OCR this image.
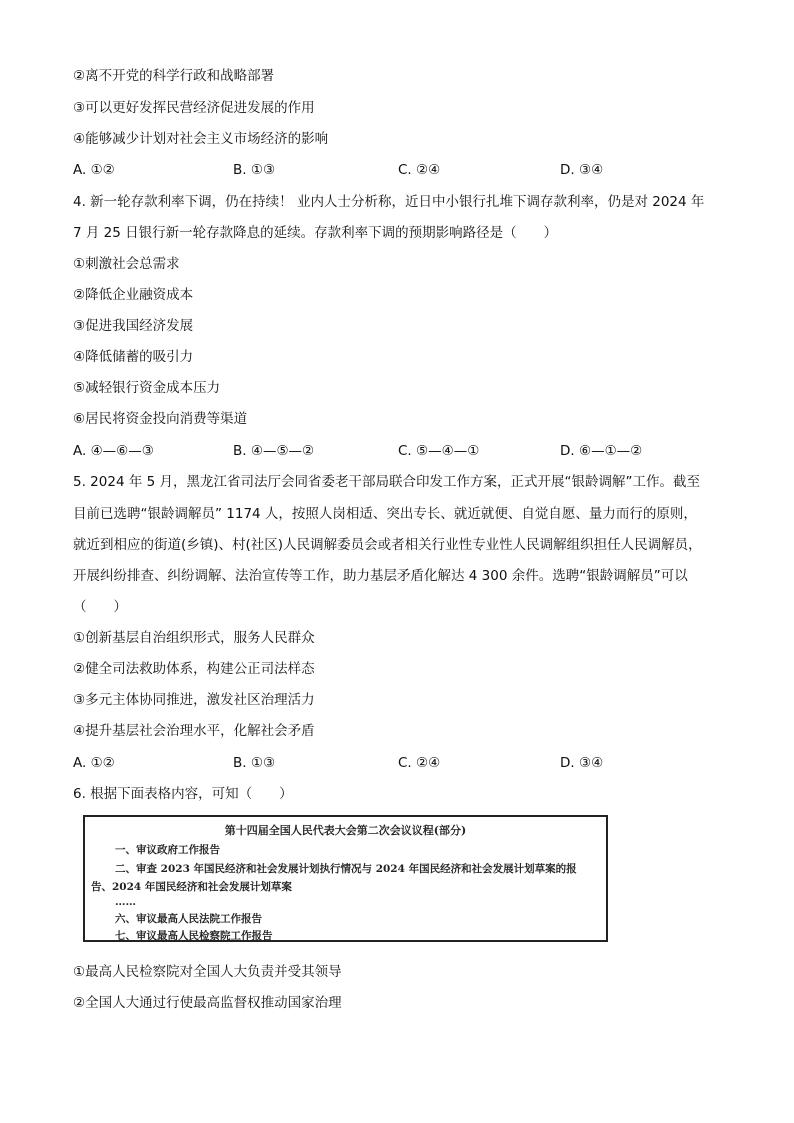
②离不开党的科学行政和战略部署
③可以更好发挥民营经济促进发展的作用
④能够减少计划对社会主义市场经济的影响
A. ①②	B. ①③	C. ②④	D. ③④
4. 新一轮存款利率下调，仍在持续！ 业内人士分析称，近日中小银行扎堆下调存款利率，仍是对 2024 年
7 月 25 日银行新一轮存款降息的延续。存款利率下调的预期影响路径是（　　）
①刺激社会总需求
②降低企业融资成本
③促进我国经济发展
④降低储蓄的吸引力
⑤减轻银行资金成本压力
⑥居民将资金投向消费等渠道
A. ④—⑥—③	B. ④—⑤—②	C. ⑤—④—①	D. ⑥—①—②
5. 2024 年 5 月，黑龙江省司法厅会同省委老干部局联合印发工作方案，正式开展“银龄调解”工作。截至
目前已选聘“银龄调解员” 1174 人，按照人岗相适、突出专长、就近就便、自觉自愿、量力而行的原则，
就近到相应的街道(乡镇)、村(社区)人民调解委员会或者相关行业性专业性人民调解组织担任人民调解员，
开展纠纷排查、纠纷调解、法治宣传等工作，助力基层矛盾化解达 4 300 余件。选聘“银龄调解员”可以
（　　）
①创新基层自治组织形式，服务人民群众
②健全司法救助体系，构建公正司法样态
③多元主体协同推进，激发社区治理活力
④提升基层社会治理水平，化解社会矛盾
A. ①②	B. ①③	C. ②④	D. ③④
6. 根据下面表格内容，可知（　　）
第十四届全国人民代表大会第二次会议议程(部分)
一、审议政府工作报告
二、审查 2023 年国民经济和社会发展计划执行情况与 2024 年国民经济和社会发展计划草案的报
告、2024 年国民经济和社会发展计划草案
……
六、审议最高人民法院工作报告
七、审议最高人民检察院工作报告
①最高人民检察院对全国人大负责并受其领导
②全国人大通过行使最高监督权推动国家治理
